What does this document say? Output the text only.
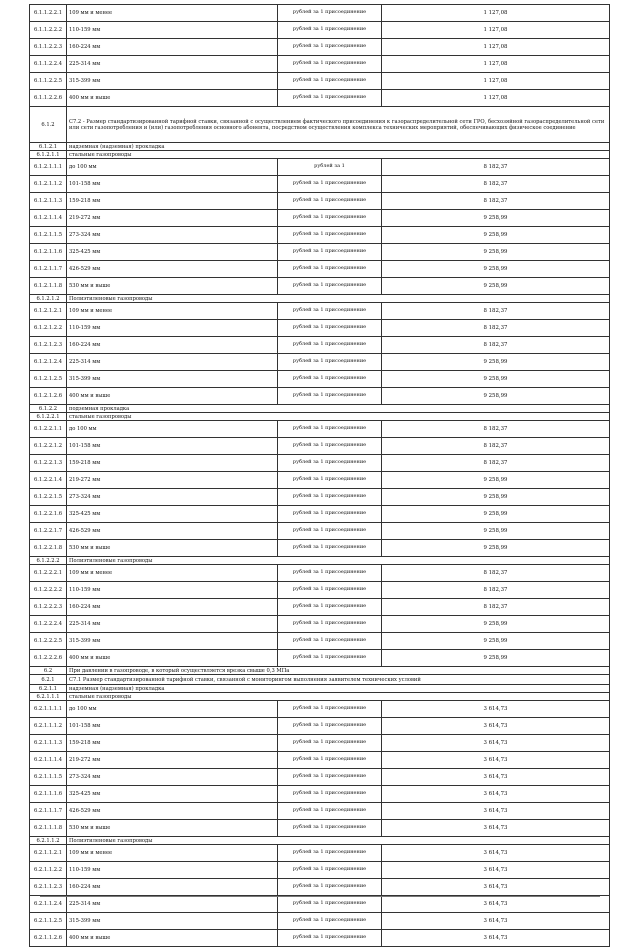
6.1.1.2.2.1	109 мм и менее	рублей за 1 присоединение	1 127,08
6.1.1.2.2.2	110-159 мм	рублей за 1 присоединение	1 127,08
6.1.1.2.2.3	160-224 мм	рублей за 1 присоединение	1 127,08
6.1.1.2.2.4	225-314 мм	рублей за 1 присоединение	1 127,08
6.1.1.2.2.5	315-399 мм	рублей за 1 присоединение	1 127,08
6.1.1.2.2.6	400 мм и выше	рублей за 1 присоединение	1 127,08
6.1.2	С7.2 - Размер стандартизированной тарифной ставки, связанной с осуществлением фактического присоединения к газораспределительной сети ГРО, бесхозяйной газораспределительной сети или сети газопотребления и (или) газопотребления основного абонента, посредством осуществления комплекса технических мероприятий, обеспечивающих физическое соединение		
6.1.2.1	надземная (надземная) прокладка		
6.1.2.1.1	стальные газопроводы		
6.1.2.1.1.1	до 100 мм	рублей за 1	8 182,37
6.1.2.1.1.2	101-158 мм	рублей за 1 присоединение	8 182,37
6.1.2.1.1.3	159-218 мм	рублей за 1 присоединение	8 182,37
6.1.2.1.1.4	219-272 мм	рублей за 1 присоединение	9 258,99
6.1.2.1.1.5	273-324 мм	рублей за 1 присоединение	9 258,99
6.1.2.1.1.6	325-425 мм	рублей за 1 присоединение	9 258,99
6.1.2.1.1.7	426-529 мм	рублей за 1 присоединение	9 258,99
6.1.2.1.1.8	530 мм и выше	рублей за 1 присоединение	9 258,99
6.1.2.1.2	Полиэтиленовые газопроводы		
6.1.2.1.2.1	109 мм и менее	рублей за 1 присоединение	8 182,37
6.1.2.1.2.2	110-159 мм	рублей за 1 присоединение	8 182,37
6.1.2.1.2.3	160-224 мм	рублей за 1 присоединение	8 182,37
6.1.2.1.2.4	225-314 мм	рублей за 1 присоединение	9 258,99
6.1.2.1.2.5	315-399 мм	рублей за 1 присоединение	9 258,99
6.1.2.1.2.6	400 мм и выше	рублей за 1 присоединение	9 258,99
6.1.2.2	подземная прокладка		
6.1.2.2.1	стальные газопроводы		
6.1.2.2.1.1	до 100 мм	рублей за 1 присоединение	8 182,37
6.1.2.2.1.2	101-158 мм	рублей за 1 присоединение	8 182,37
6.1.2.2.1.3	159-218 мм	рублей за 1 присоединение	8 182,37
6.1.2.2.1.4	219-272 мм	рублей за 1 присоединение	9 258,99
6.1.2.2.1.5	273-324 мм	рублей за 1 присоединение	9 258,99
6.1.2.2.1.6	325-425 мм	рублей за 1 присоединение	9 258,99
6.1.2.2.1.7	426-529 мм	рублей за 1 присоединение	9 258,99
6.1.2.2.1.8	530 мм и выше	рублей за 1 присоединение	9 258,99
6.1.2.2.2	Полиэтиленовые газопроводы		
6.1.2.2.2.1	109 мм и менее	рублей за 1 присоединение	8 182,37
6.1.2.2.2.2	110-159 мм	рублей за 1 присоединение	8 182,37
6.1.2.2.2.3	160-224 мм	рублей за 1 присоединение	8 182,37
6.1.2.2.2.4	225-314 мм	рублей за 1 присоединение	9 258,99
6.1.2.2.2.5	315-399 мм	рублей за 1 присоединение	9 258,99
6.1.2.2.2.6	400 мм и выше	рублей за 1 присоединение	9 258,99
6.2	При давлении в газопроводе, в который осуществляется врезка свыше 0,3 МПа		
6.2.1	С7.1 Размер стандартизированной тарифной ставки, связанной с мониторингом выполнения заявителем технических условий		
6.2.1.1	надземная (надземная) прокладка		
6.2.1.1.1	стальные газопроводы		
6.2.1.1.1.1	до 100 мм	рублей за 1 присоединение	3 614,73
6.2.1.1.1.2	101-158 мм	рублей за 1 присоединение	3 614,73
6.2.1.1.1.3	159-218 мм	рублей за 1 присоединение	3 614,73
6.2.1.1.1.4	219-272 мм	рублей за 1 присоединение	3 614,73
6.2.1.1.1.5	273-324 мм	рублей за 1 присоединение	3 614,73
6.2.1.1.1.6	325-425 мм	рублей за 1 присоединение	3 614,73
6.2.1.1.1.7	426-529 мм	рублей за 1 присоединение	3 614,73
6.2.1.1.1.8	530 мм и выше	рублей за 1 присоединение	3 614,73
6.2.1.1.2	Полиэтиленовые газопроводы		
6.2.1.1.2.1	109 мм и менее	рублей за 1 присоединение	3 614,73
6.2.1.1.2.2	110-159 мм	рублей за 1 присоединение	3 614,73
6.2.1.1.2.3	160-224 мм	рублей за 1 присоединение	3 614,73
6.2.1.1.2.4	225-314 мм	рублей за 1 присоединение	3 614,73
6.2.1.1.2.5	315-399 мм	рублей за 1 присоединение	3 614,73
6.2.1.1.2.6	400 мм и выше	рублей за 1 присоединение	3 614,73
